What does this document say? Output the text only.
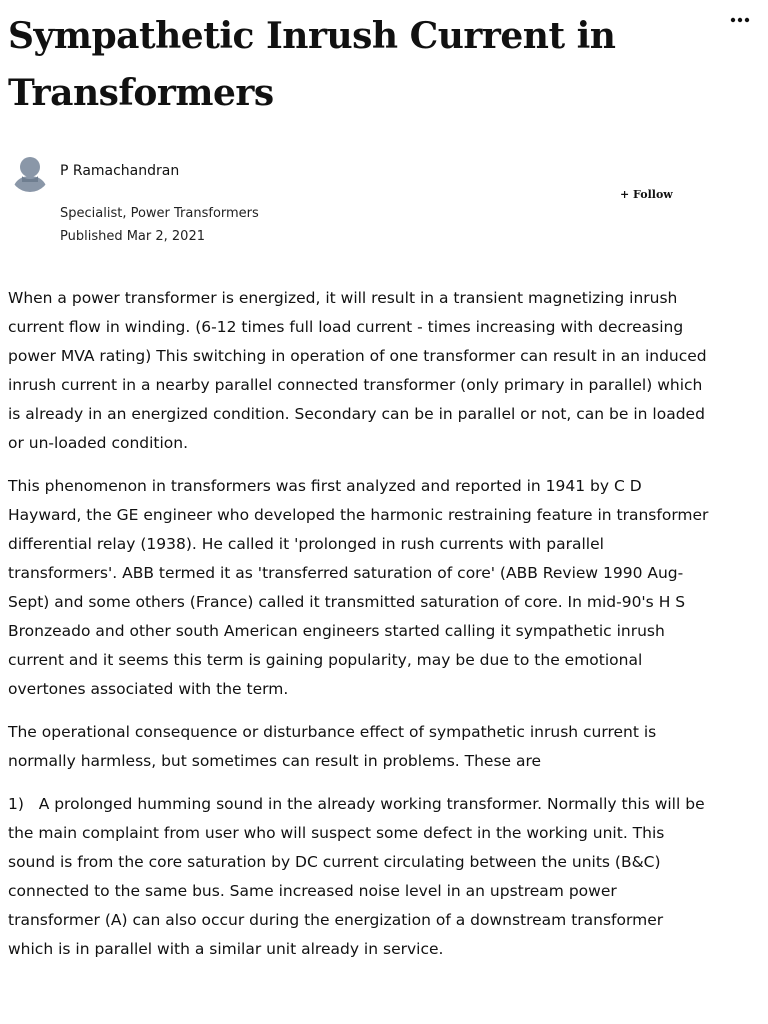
Sympathetic Inrush Current in Transformers
P Ramachandran
+ Follow
Specialist, Power Transformers
Published Mar 2, 2021

When a power transformer is energized, it will result in a transient magnetizing inrush current flow in winding. (6-12 times full load current - times increasing with decreasing power MVA rating) This switching in operation of one transformer can result in an induced inrush current in a nearby parallel connected transformer (only primary in parallel) which is already in an energized condition. Secondary can be in parallel or not, can be in loaded or un-loaded condition.

This phenomenon in transformers was first analyzed and reported in 1941 by C D Hayward, the GE engineer who developed the harmonic restraining feature in transformer differential relay (1938). He called it 'prolonged in rush currents with parallel transformers'. ABB termed it as 'transferred saturation of core' (ABB Review 1990 Aug-Sept) and some others (France) called it transmitted saturation of core. In mid-90's H S Bronzeado and other south American engineers started calling it sympathetic inrush current and it seems this term is gaining popularity, may be due to the emotional overtones associated with the term.

The operational consequence or disturbance effect of sympathetic inrush current is normally harmless, but sometimes can result in problems. These are

1)   A prolonged humming sound in the already working transformer. Normally this will be the main complaint from user who will suspect some defect in the working unit. This sound is from the core saturation by DC current circulating between the units (B&C) connected to the same bus. Same increased noise level in an upstream power transformer (A) can also occur during the energization of a downstream transformer which is in parallel with a similar unit already in service.
